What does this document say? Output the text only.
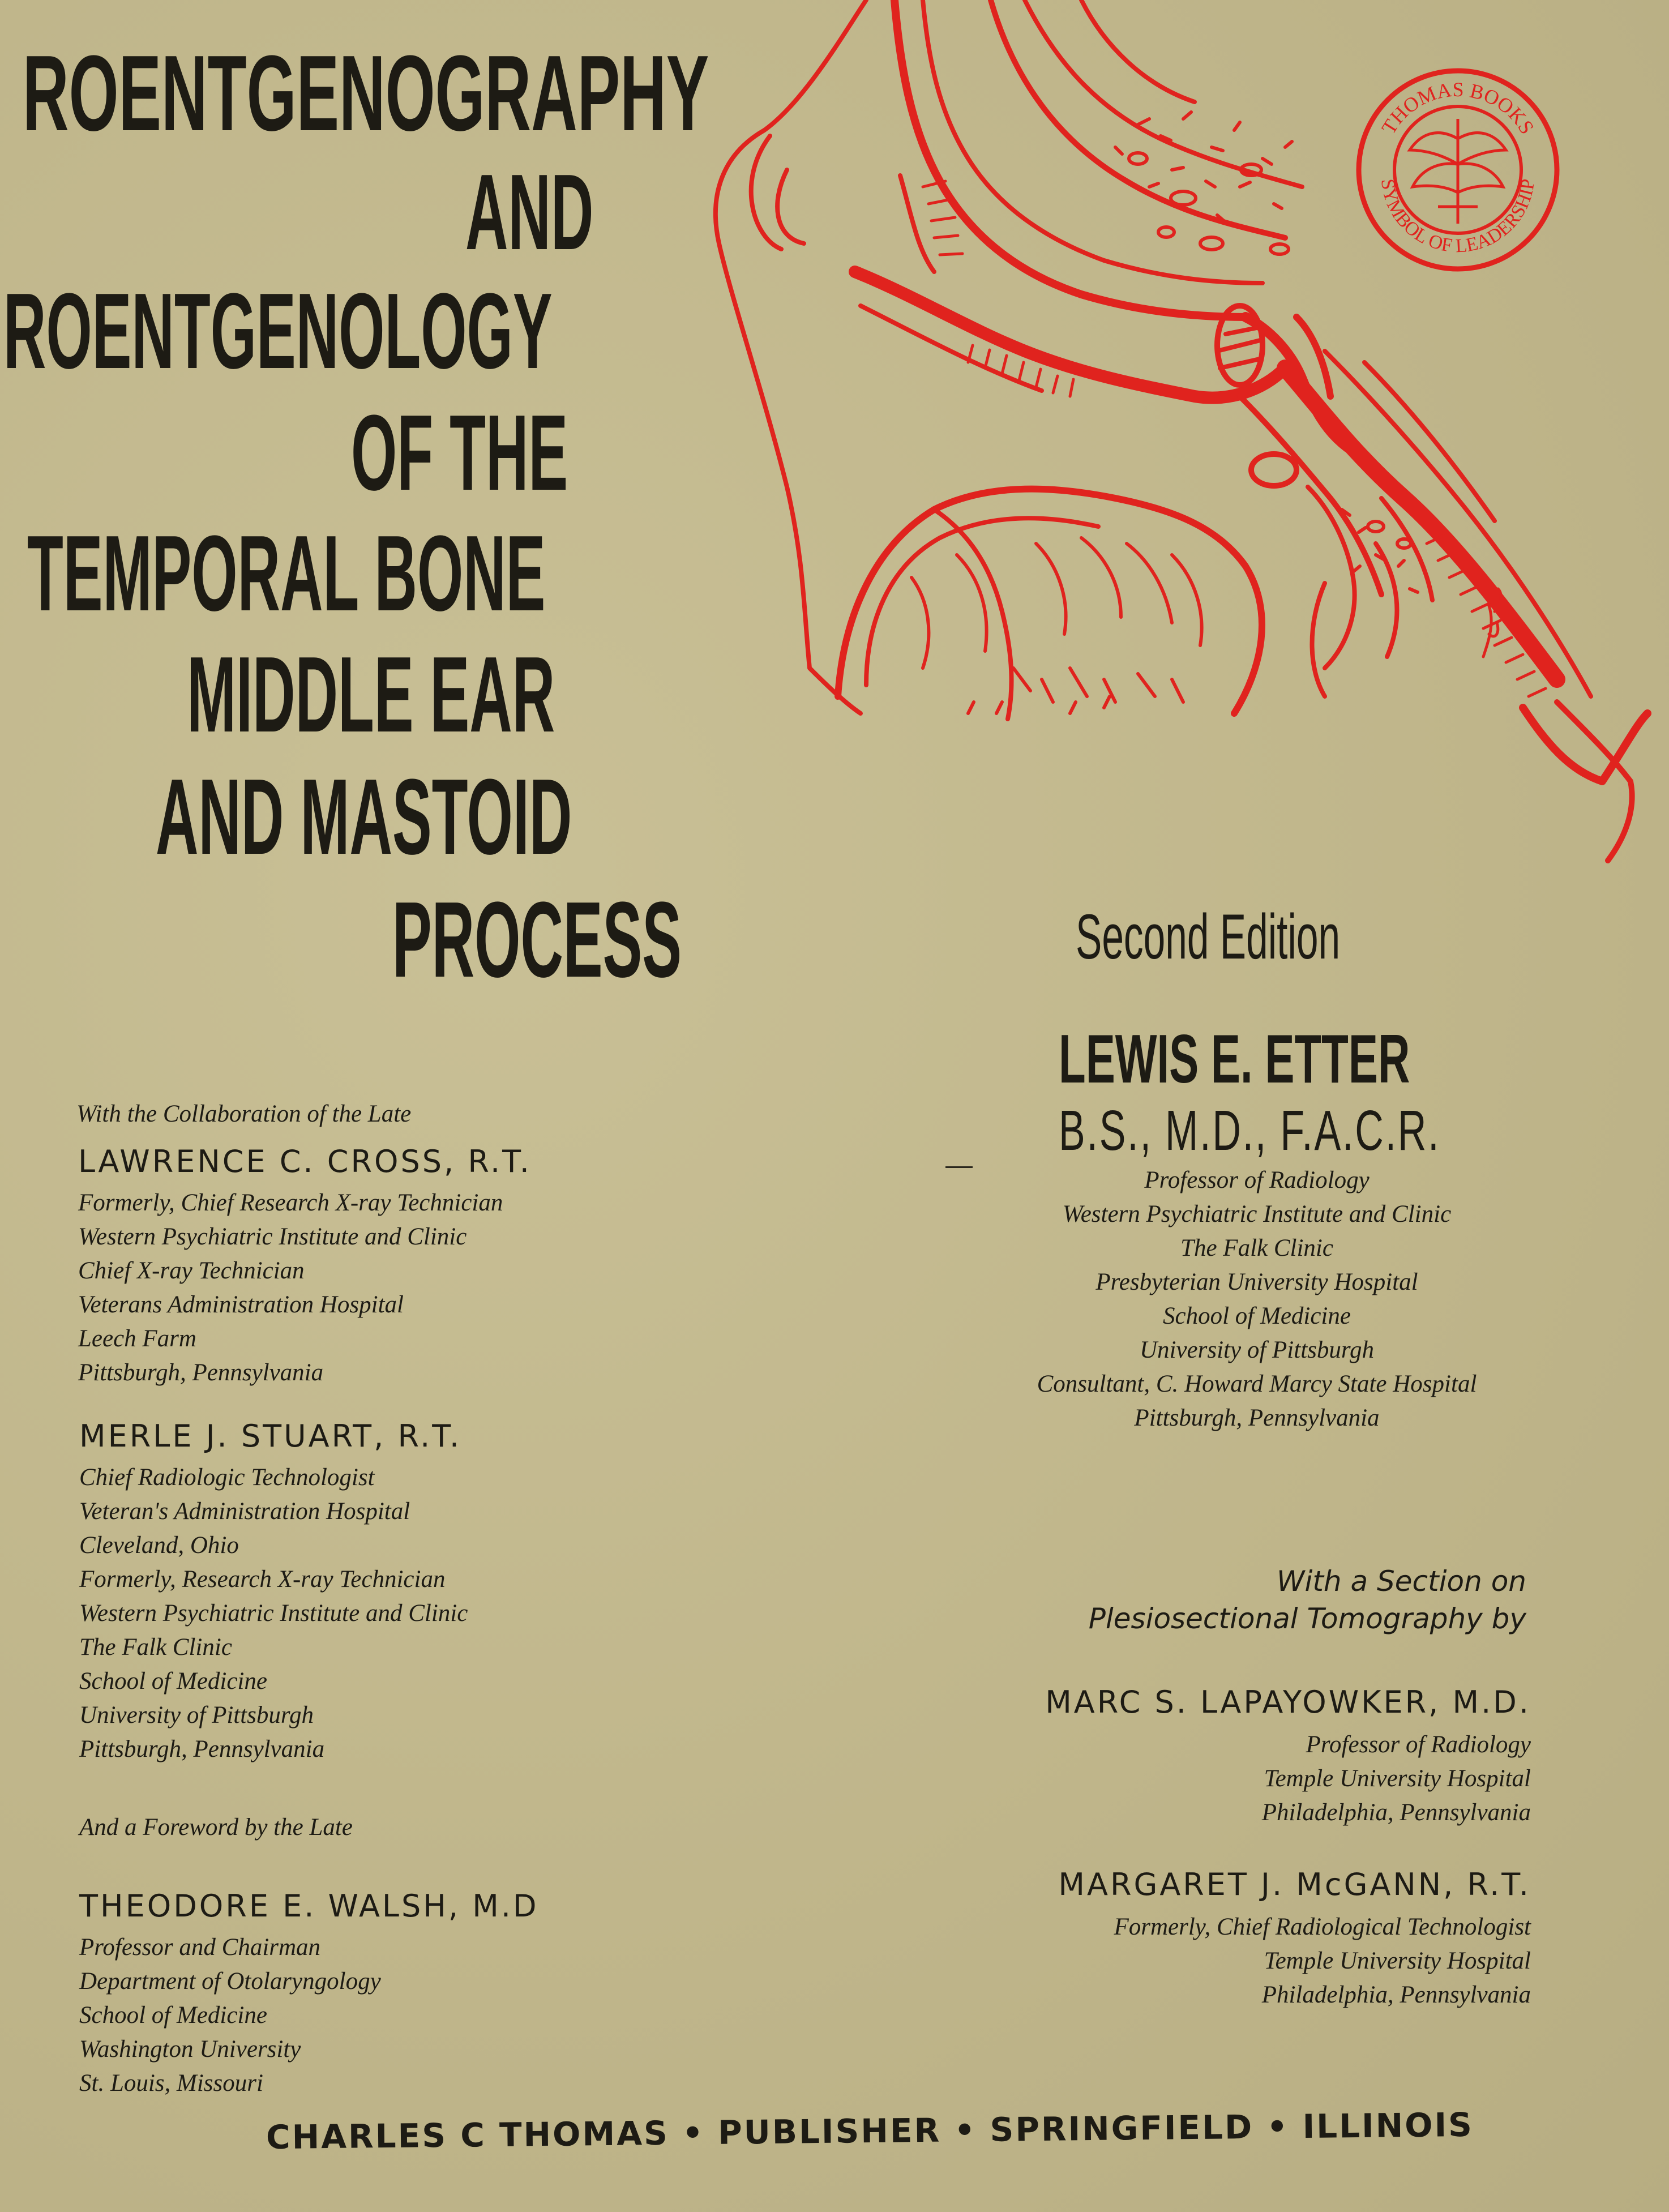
ROENTGENOGRAPHY
AND
ROENTGENOLOGY
OF THE
TEMPORAL BONE
MIDDLE EAR
AND MASTOID
PROCESS
THOMAS BOOKS
SYMBOL OF LEADERSHIP
Second Edition
LEWIS E. ETTER
B.S., M.D., F.A.C.R.
Professor of Radiology
Western Psychiatric Institute and Clinic
The Falk Clinic
Presbyterian University Hospital
School of Medicine
University of Pittsburgh
Consultant, C. Howard Marcy State Hospital
Pittsburgh, Pennsylvania
With the Collaboration of the Late
LAWRENCE C. CROSS, R.T.
Formerly, Chief Research X-ray Technician
Western Psychiatric Institute and Clinic
Chief X-ray Technician
Veterans Administration Hospital
Leech Farm
Pittsburgh, Pennsylvania
MERLE J. STUART, R.T.
Chief Radiologic Technologist
Veteran's Administration Hospital
Cleveland, Ohio
Formerly, Research X-ray Technician
Western Psychiatric Institute and Clinic
The Falk Clinic
School of Medicine
University of Pittsburgh
Pittsburgh, Pennsylvania
And a Foreword by the Late
THEODORE E. WALSH, M.D
Professor and Chairman
Department of Otolaryngology
School of Medicine
Washington University
St. Louis, Missouri
With a Section on
Plesiosectional Tomography by
MARC S. LAPAYOWKER, M.D.
Professor of Radiology
Temple University Hospital
Philadelphia, Pennsylvania
MARGARET J. McGANN, R.T.
Formerly, Chief Radiological Technologist
Temple University Hospital
Philadelphia, Pennsylvania
CHARLES C THOMAS • PUBLISHER • SPRINGFIELD • ILLINOIS
